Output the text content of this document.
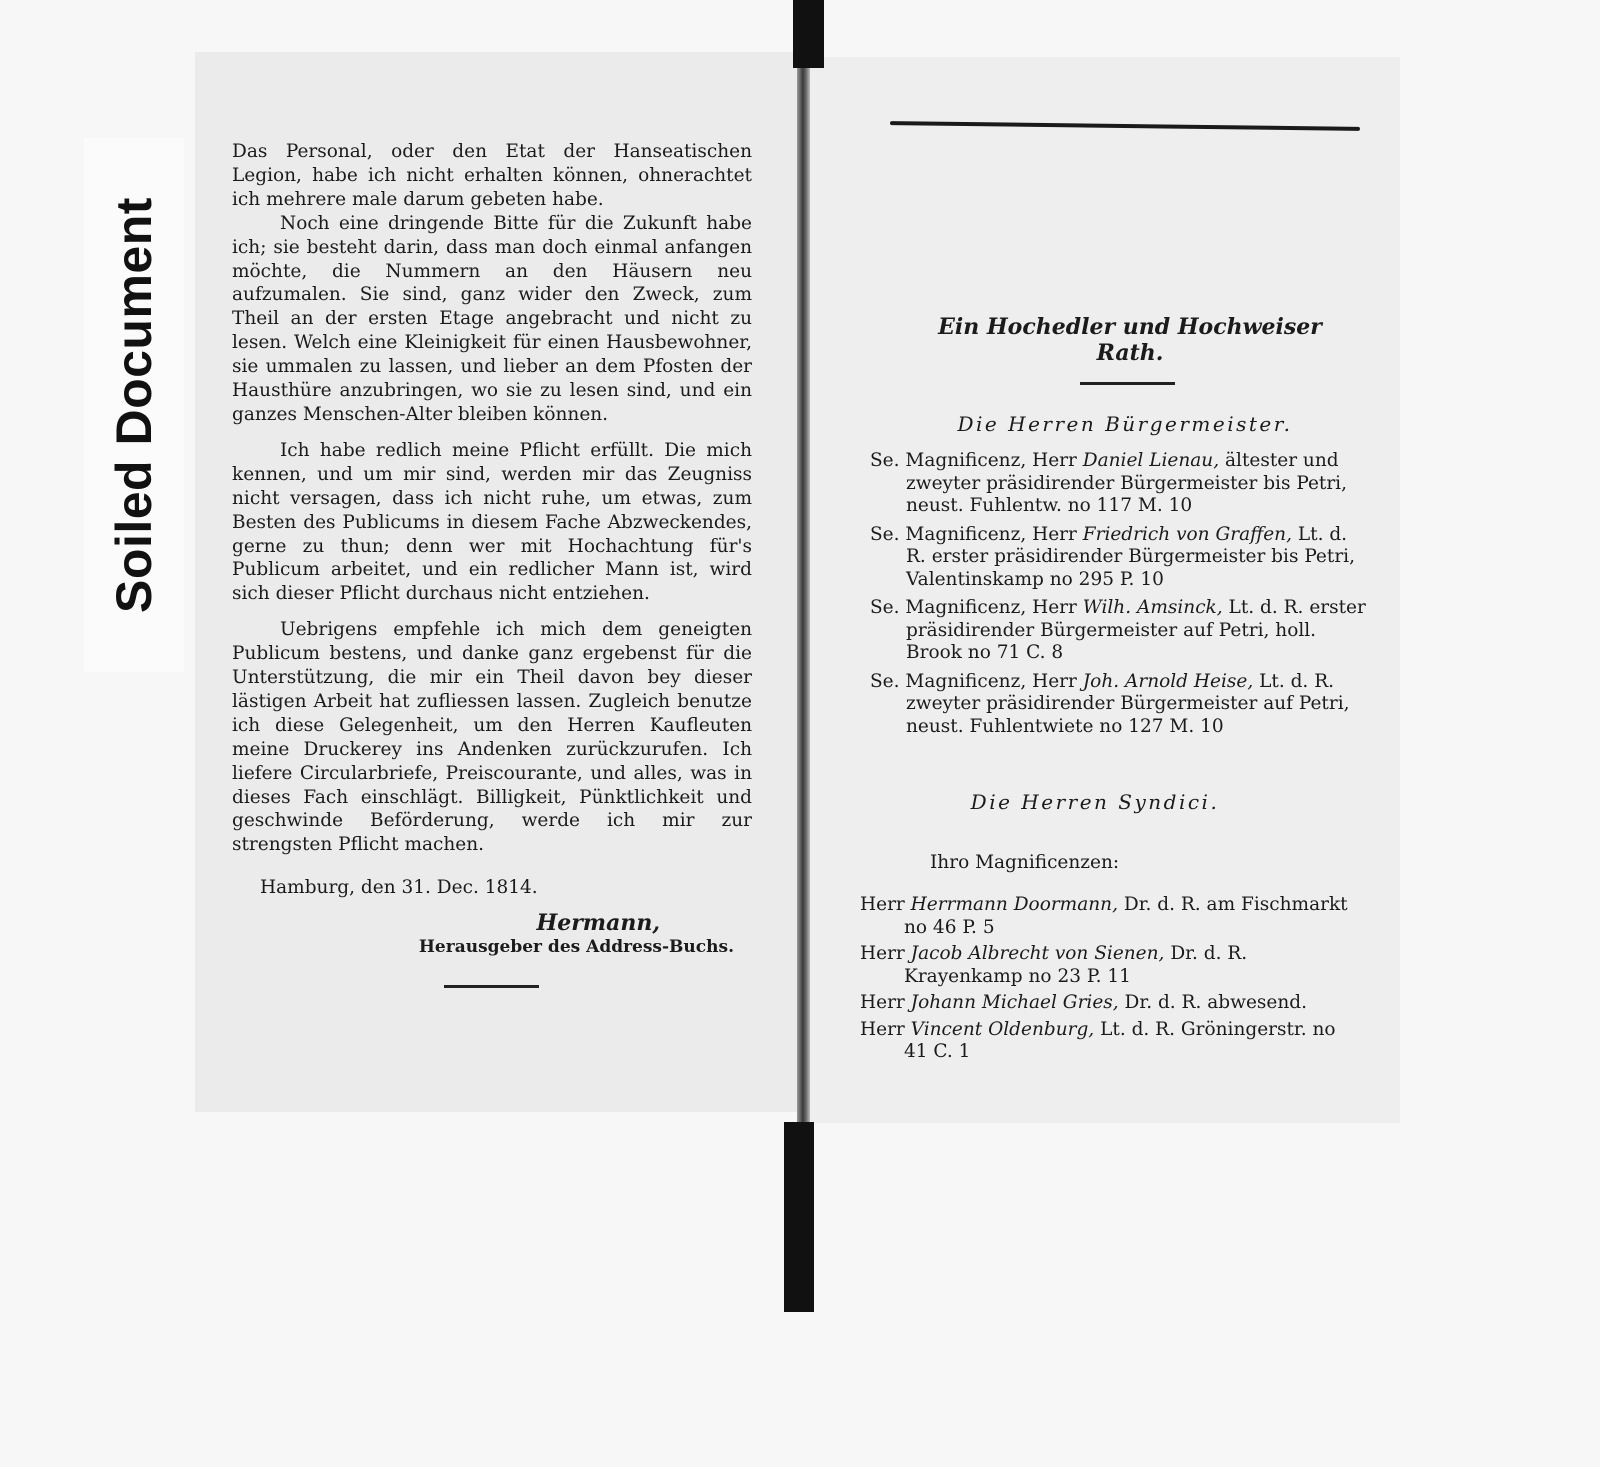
Soiled Document

Das Personal, oder den Etat der Hanseatischen Legion, habe ich nicht erhalten können, ohnerachtet ich mehrere male darum gebeten habe.

Noch eine dringende Bitte für die Zukunft habe ich; sie besteht darin, dass man doch einmal anfangen möchte, die Nummern an den Häusern neu aufzumalen. Sie sind, ganz wider den Zweck, zum Theil an der ersten Etage angebracht und nicht zu lesen. Welch eine Kleinigkeit für einen Hausbewohner, sie ummalen zu lassen, und lieber an dem Pfosten der Hausthüre anzubringen, wo sie zu lesen sind, und ein ganzes Menschen-Alter bleiben können.

Ich habe redlich meine Pflicht erfüllt. Die mich kennen, und um mir sind, werden mir das Zeugniss nicht versagen, dass ich nicht ruhe, um etwas, zum Besten des Publicums in diesem Fache Abzweckendes, gerne zu thun; denn wer mit Hochachtung für's Publicum arbeitet, und ein redlicher Mann ist, wird sich dieser Pflicht durchaus nicht entziehen.

Uebrigens empfehle ich mich dem geneigten Publicum bestens, und danke ganz ergebenst für die Unterstützung, die mir ein Theil davon bey dieser lästigen Arbeit hat zufliessen lassen. Zugleich benutze ich diese Gelegenheit, um den Herren Kaufleuten meine Druckerey ins Andenken zurückzurufen. Ich liefere Circularbriefe, Preiscourante, und alles, was in dieses Fach einschlägt. Billigkeit, Pünktlichkeit und geschwinde Beförderung, werde ich mir zur strengsten Pflicht machen.

Hamburg, den 31. Dec. 1814.
Hermann,
Herausgeber des Address-Buchs.
Ein Hochedler und Hochweiser Rath.
Die Herren Bürgermeister.

Se. Magnificenz, Herr Daniel Lienau, ältester und zweyter präsidirender Bürgermeister bis Petri, neust. Fuhlentw. no 117 M. 10

Se. Magnificenz, Herr Friedrich von Graffen, Lt. d. R. erster präsidirender Bürgermeister bis Petri, Valentinskamp no 295 P. 10

Se. Magnificenz, Herr Wilh. Amsinck, Lt. d. R. erster präsidirender Bürgermeister auf Petri, holl. Brook no 71 C. 8

Se. Magnificenz, Herr Joh. Arnold Heise, Lt. d. R. zweyter präsidirender Bürgermeister auf Petri, neust. Fuhlentwiete no 127 M. 10

Die Herren Syndici.
Ihro Magnificenzen:

Herr Herrmann Doormann, Dr. d. R. am Fischmarkt no 46 P. 5

Herr Jacob Albrecht von Sienen, Dr. d. R. Krayenkamp no 23 P. 11

Herr Johann Michael Gries, Dr. d. R. abwesend.

Herr Vincent Oldenburg, Lt. d. R. Gröningerstr. no 41 C. 1
